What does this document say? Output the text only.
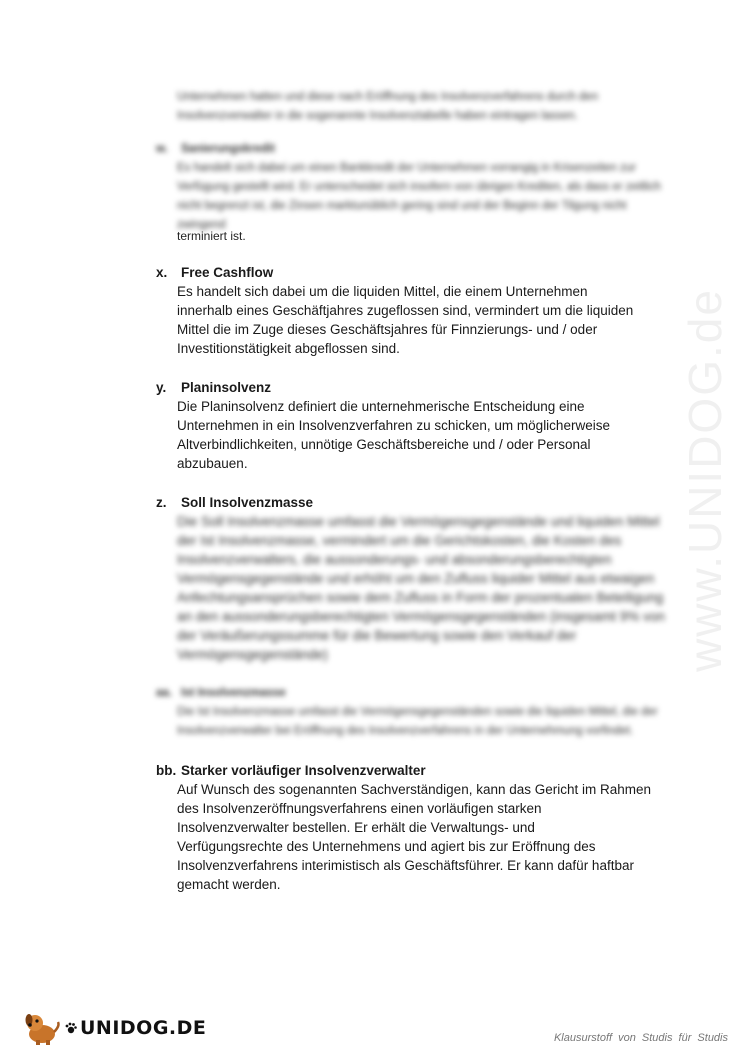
www.UNIDOG.de
Unternehmen hatten und diese nach Eröffnung des Insolvenzverfahrens durch den Insolvenzverwalter in die sogenannte Insolvenztabelle haben eintragen lassen.
w.	Sanierungskredit
Es handelt sich dabei um einen Bankkredit der Unternehmen vorrangig in Krisenzeiten zur Verfügung gestellt wird. Er unterscheidet sich insofern von übrigen Krediten, als dass er zeitlich nicht begrenzt ist, die Zinsen marktunüblich gering sind und der Beginn der Tilgung nicht zwingend
terminiert ist.
x.	Free Cashflow

Es handelt sich dabei um die liquiden Mittel, die einem Unternehmen

innerhalb eines Geschäftjahres zugeflossen sind, vermindert um die liquiden

Mittel die im Zuge dieses Geschäftsjahres für Finnzierungs- und / oder

Investitionstätigkeit abgeflossen sind.

y.	Planinsolvenz

Die Planinsolvenz definiert die unternehmerische Entscheidung eine

Unternehmen in ein Insolvenzverfahren zu schicken, um möglicherweise

Altverbindlichkeiten, unnötige Geschäftsbereiche und / oder Personal

abzubauen.

z.	Soll Insolvenzmasse
Die Soll Insolvenzmasse umfasst die Vermögensgegenstände und liquiden Mittel der Ist Insolvenzmasse, vermindert um die Gerichtskosten, die Kosten des Insolvenzverwalters, die aussonderungs- und absonderungsberechtigten Vermögensgegenstände und erhöht um den Zufluss liquider Mittel aus etwaigen Anfechtungsansprüchen sowie dem Zufluss in Form der prozentualen Beteiligung an den aussonderungsberechtigten Vermögensgegenständen (insgesamt 9% von der Veräußerungssumme für die Bewertung sowie den Verkauf der Vermögensgegenstände)
aa. Ist Insolvenzmasse
Die Ist Insolvenzmasse umfasst die Vermögensgegenständen sowie die liquiden Mittel, die der Insolvenzverwalter bei Eröffnung des Insolvenzverfahrens in der Unternehmung vorfindet.
bb. Starker vorläufiger Insolvenzverwalter

Auf Wunsch des sogenannten Sachverständigen, kann das Gericht im Rahmen

des Insolvenzeröffnungsverfahrens einen vorläufigen starken

Insolvenzverwalter bestellen. Er erhält die Verwaltungs- und

Verfügungsrechte des Unternehmens und agiert bis zur Eröffnung des

Insolvenzverfahrens interimistisch als Geschäftsführer. Er kann dafür haftbar

gemacht werden.

UNIDOG.DE	Klausurstoff von Studis für Studis
